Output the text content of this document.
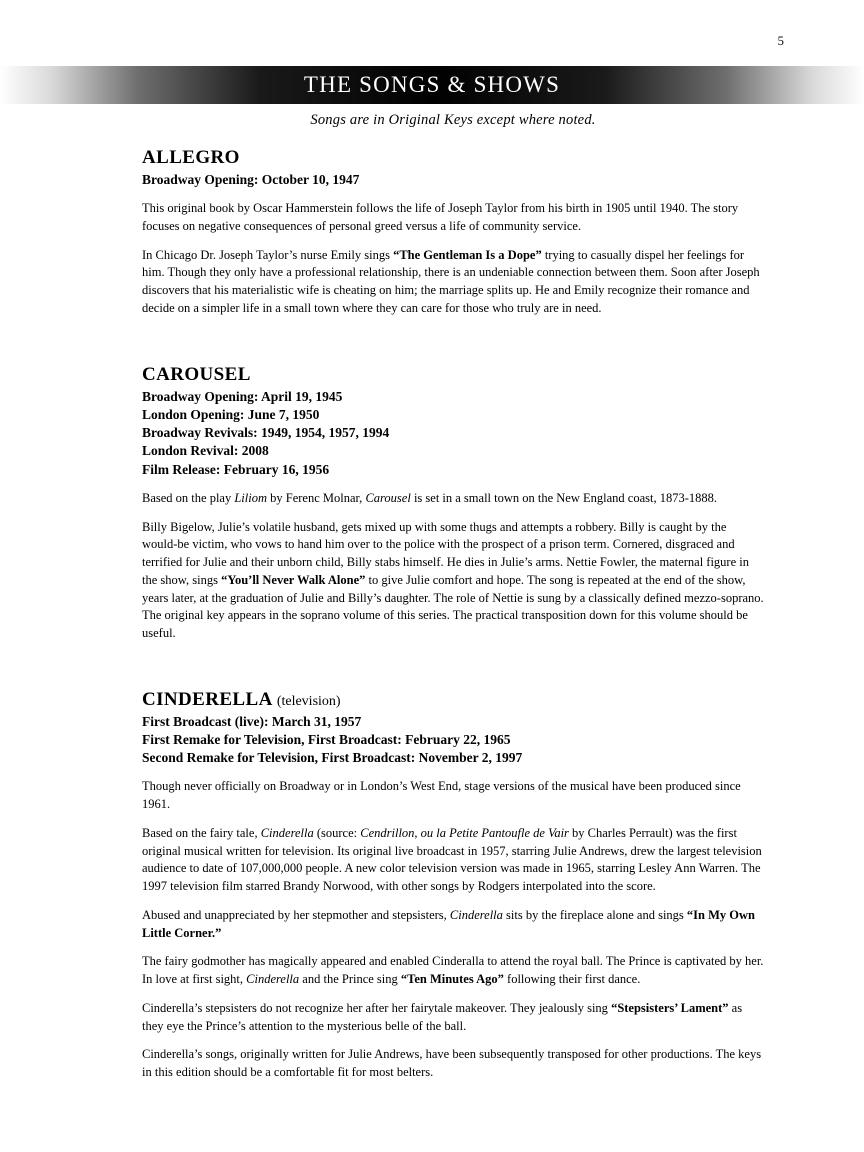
5
THE SONGS & SHOWS

Songs are in Original Keys except where noted.

ALLEGRO

Broadway Opening: October 10, 1947

This original book by Oscar Hammerstein follows the life of Joseph Taylor from his birth in 1905 until 1940. The story focuses on negative consequences of personal greed versus a life of community service.

In Chicago Dr. Joseph Taylor’s nurse Emily sings “The Gentleman Is a Dope” trying to casually dispel her feelings for him. Though they only have a professional relationship, there is an undeniable connection between them. Soon after Joseph discovers that his materialistic wife is cheating on him; the marriage splits up. He and Emily recognize their romance and decide on a simpler life in a small town where they can care for those who truly are in need.

CAROUSEL

Broadway Opening: April 19, 1945

London Opening: June 7, 1950

Broadway Revivals: 1949, 1954, 1957, 1994

London Revival: 2008

Film Release: February 16, 1956

Based on the play Liliom by Ferenc Molnar, Carousel is set in a small town on the New England coast, 1873-1888.

Billy Bigelow, Julie’s volatile husband, gets mixed up with some thugs and attempts a robbery. Billy is caught by the would-be victim, who vows to hand him over to the police with the prospect of a prison term. Cornered, disgraced and terrified for Julie and their unborn child, Billy stabs himself. He dies in Julie’s arms. Nettie Fowler, the maternal figure in the show, sings “You’ll Never Walk Alone” to give Julie comfort and hope. The song is repeated at the end of the show, years later, at the graduation of Julie and Billy’s daughter. The role of Nettie is sung by a classically defined mezzo-soprano. The original key appears in the soprano volume of this series. The practical transposition down for this volume should be useful.

CINDERELLA (television)

First Broadcast (live): March 31, 1957

First Remake for Television, First Broadcast: February 22, 1965

Second Remake for Television, First Broadcast: November 2, 1997

Though never officially on Broadway or in London’s West End, stage versions of the musical have been produced since 1961.

Based on the fairy tale, Cinderella (source: Cendrillon, ou la Petite Pantoufle de Vair by Charles Perrault) was the first original musical written for television. Its original live broadcast in 1957, starring Julie Andrews, drew the largest television audience to date of 107,000,000 people. A new color television version was made in 1965, starring Lesley Ann Warren. The 1997 television film starred Brandy Norwood, with other songs by Rodgers interpolated into the score.

Abused and unappreciated by her stepmother and stepsisters, Cinderella sits by the fireplace alone and sings “In My Own Little Corner.”

The fairy godmother has magically appeared and enabled Cinderalla to attend the royal ball. The Prince is captivated by her. In love at first sight, Cinderella and the Prince sing “Ten Minutes Ago” following their first dance.

Cinderella’s stepsisters do not recognize her after her fairytale makeover. They jealously sing “Stepsisters’ Lament” as they eye the Prince’s attention to the mysterious belle of the ball.

Cinderella’s songs, originally written for Julie Andrews, have been subsequently transposed for other productions. The keys in this edition should be a comfortable fit for most belters.
